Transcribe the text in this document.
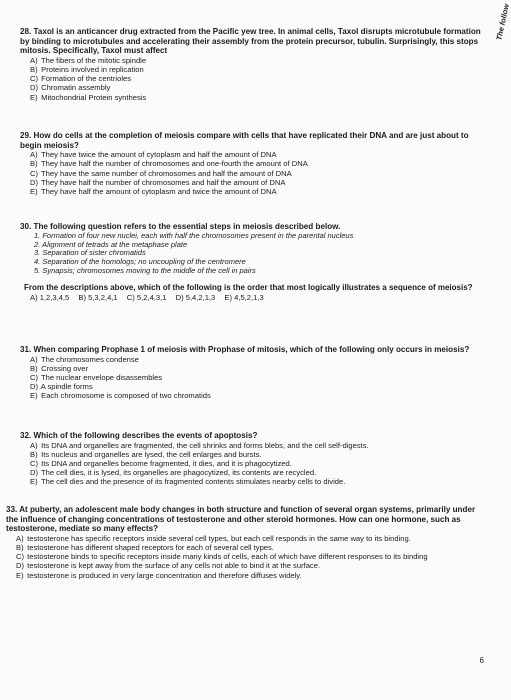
The follow
28. Taxol is an anticancer drug extracted from the Pacific yew tree. In animal cells, Taxol disrupts microtubule formation by binding to microtubules and accelerating their assembly from the protein precursor, tubulin. Surprisingly, this stops mitosis. Specifically, Taxol must affect
A) The fibers of the mitotic spindle
B) Proteins involved in replication
C) Formation of the centrioles
D) Chromatin assembly
E) Mitochondrial Protein synthesis
29. How do cells at the completion of meiosis compare with cells that have replicated their DNA and are just about to begin meiosis?
A) They have twice the amount of cytoplasm and half the amount of DNA
B) They have half the number of chromosomes and one-fourth the amount of DNA
C) They have the same number of chromosomes and half the amount of DNA
D) They have half the number of chromosomes and half the amount of DNA
E) They have half the amount of cytoplasm and twice the amount of DNA
30. The following question refers to the essential steps in meiosis described below.
1. Formation of four new nuclei, each with half the chromosomes present in the parental nucleus
2. Alignment of tetrads at the metaphase plate
3. Separation of sister chromatids
4. Separation of the homologs; no uncoupling of the centromere
5. Synapsis; chromosomes moving to the middle of the cell in pairs
From the descriptions above, which of the following is the order that most logically illustrates a sequence of meiosis?
A) 1,2,3,4,5 B) 5,3,2,4,1 C) 5,2,4,3,1 D) 5,4,2,1,3 E) 4,5,2,1,3
31. When comparing Prophase 1 of meiosis with Prophase of mitosis, which of the following only occurs in meiosis?
A) The chromosomes condense
B) Crossing over
C) The nuclear envelope disassembles
D) A spindle forms
E) Each chromosome is composed of two chromatids
32. Which of the following describes the events of apoptosis?
A) Its DNA and organelles are fragmented, the cell shrinks and forms blebs, and the cell self-digests.
B) Its nucleus and organelles are lysed, the cell enlarges and bursts.
C) Its DNA and organelles become fragmented, it dies, and it is phagocytized.
D) The cell dies, it is lysed, its organelles are phagocytized, its contents are recycled.
E) The cell dies and the presence of its fragmented contents stimulates nearby cells to divide.
33. At puberty, an adolescent male body changes in both structure and function of several organ systems, primarily under the influence of changing concentrations of testosterone and other steroid hormones. How can one hormone, such as testosterone, mediate so many effects?
A) testosterone has specific receptors inside several cell types, but each cell responds in the same way to its binding.
B) testosterone has different shaped receptors for each of several cell types.
C) testosterone binds to specific receptors inside many kinds of cells, each of which have different responses to its binding
D) testosterone is kept away from the surface of any cells not able to bind it at the surface.
E) testosterone is produced in very large concentration and therefore diffuses widely.
6
